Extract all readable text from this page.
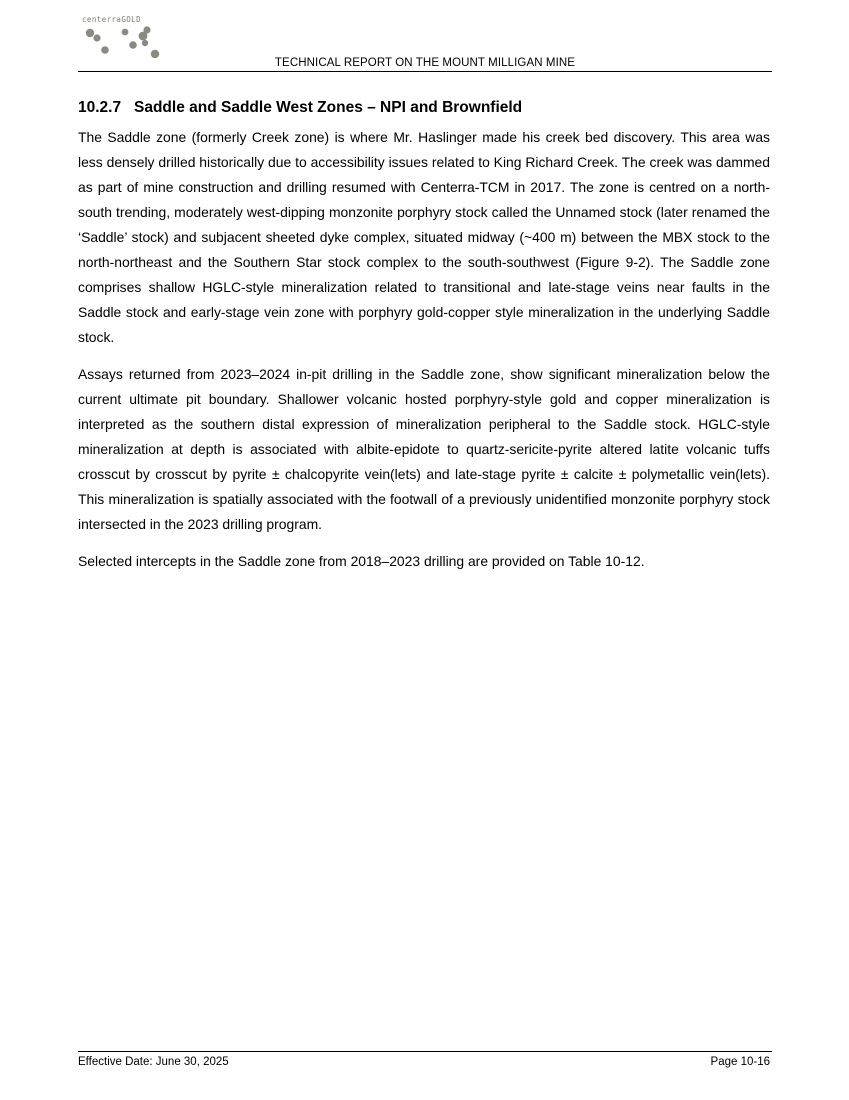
centerraGOLD
TECHNICAL REPORT ON THE MOUNT MILLIGAN MINE
10.2.7 Saddle and Saddle West Zones – NPI and Brownfield

The Saddle zone (formerly Creek zone) is where Mr. Haslinger made his creek bed discovery. This area was less densely drilled historically due to accessibility issues related to King Richard Creek. The creek was dammed as part of mine construction and drilling resumed with Centerra-TCM in 2017. The zone is centred on a north-south trending, moderately west-dipping monzonite porphyry stock called the Unnamed stock (later renamed the ‘Saddle’ stock) and subjacent sheeted dyke complex, situated midway (~400 m) between the MBX stock to the north-northeast and the Southern Star stock complex to the south-southwest (Figure 9-2). The Saddle zone comprises shallow HGLC-style mineralization related to transitional and late-stage veins near faults in the Saddle stock and early-stage vein zone with porphyry gold-copper style mineralization in the underlying Saddle stock.

Assays returned from 2023–2024 in-pit drilling in the Saddle zone, show significant mineralization below the current ultimate pit boundary. Shallower volcanic hosted porphyry-style gold and copper mineralization is interpreted as the southern distal expression of mineralization peripheral to the Saddle stock. HGLC-style mineralization at depth is associated with albite-epidote to quartz-sericite-pyrite altered latite volcanic tuffs crosscut by crosscut by pyrite ± chalcopyrite vein(lets) and late-stage pyrite ± calcite ± polymetallic vein(lets). This mineralization is spatially associated with the footwall of a previously unidentified monzonite porphyry stock intersected in the 2023 drilling program.

Selected intercepts in the Saddle zone from 2018–2023 drilling are provided on Table 10-12.

Effective Date: June 30, 2025	Page 10-16
